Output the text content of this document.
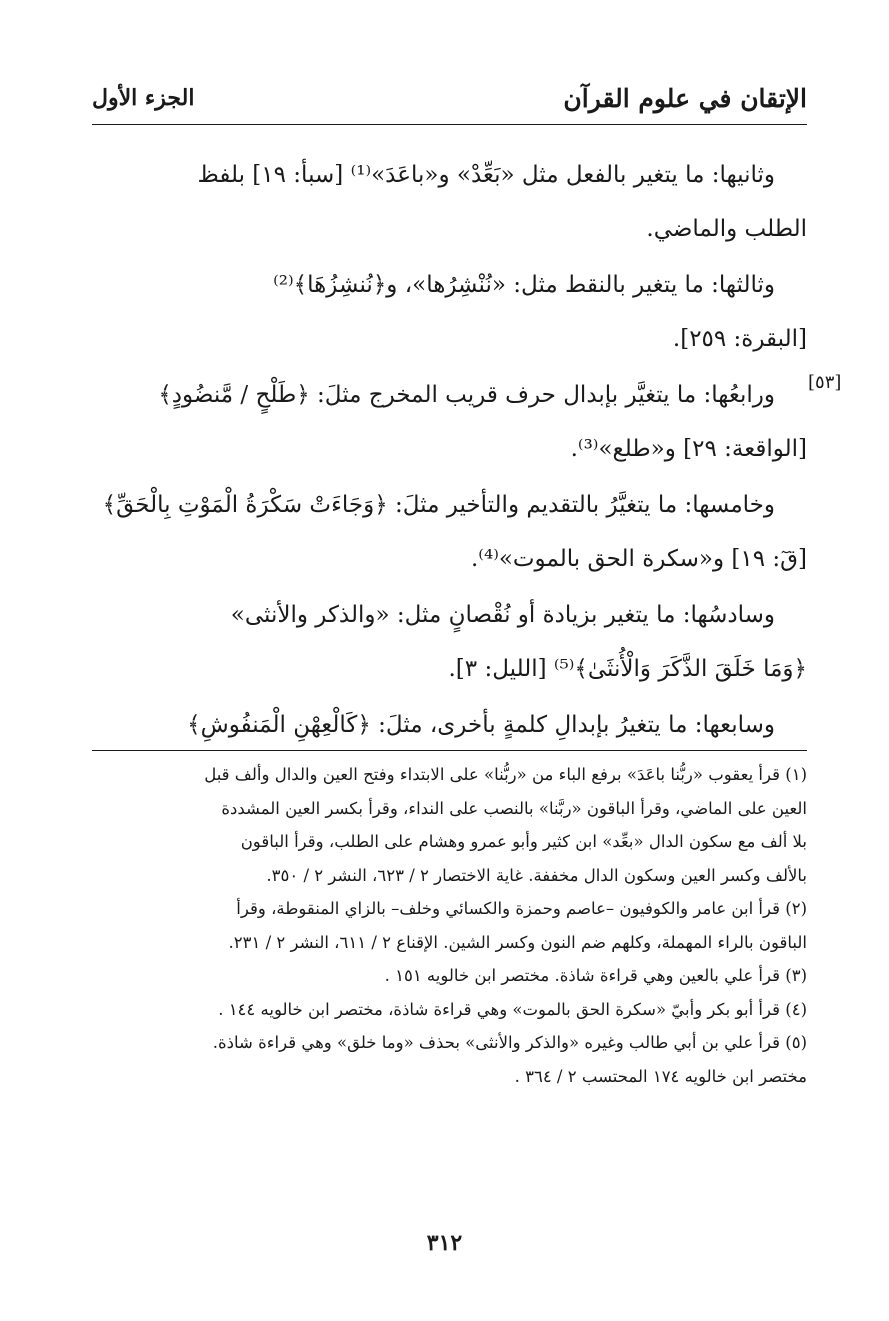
الإتقان في علوم القرآن
الجزء الأول
[٥٣]

وثانيها: ما يتغير بالفعل مثل «بَعِّدْ» و«باعَدَ»⁽¹⁾ [سبأ: ١٩] بلفظ
الطلب والماضي.

وثالثها: ما يتغير بالنقط مثل: «نُنْشِرُها»، و﴿نُنشِزُهَا﴾⁽²⁾
[البقرة: ٢٥٩].

ورابعُها: ما يتغيَّر بإبدال حرف قريب المخرج مثلَ: ﴿طَلْحٍ / مَّنضُودٍ﴾
[الواقعة: ٢٩] و«طلع»⁽³⁾.

وخامسها: ما يتغيَّرُ بالتقديم والتأخير مثلَ: ﴿وَجَاءَتْ سَكْرَةُ الْمَوْتِ بِالْحَقِّ﴾
[قٓ: ١٩] و«سكرة الحق بالموت»⁽⁴⁾.

وسادسُها: ما يتغير بزيادة أو نُقْصانٍ مثل: «والذكر والأنثى»
﴿وَمَا خَلَقَ الذَّكَرَ وَالْأُنثَىٰ﴾⁽⁵⁾ [الليل: ٣].

وسابعها: ما يتغيرُ بإبدالِ كلمةٍ بأخرى، مثلَ: ﴿كَالْعِهْنِ الْمَنفُوشِ﴾

(١) قرأ يعقوب «ربُّنا باعَدَ» برفع الباء من «ربُّنا» على الابتداء وفتح العين والدال وألف قبل
العين على الماضي، وقرأ الباقون «ربَّنا» بالنصب على النداء، وقرأ بكسر العين المشددة
بلا ألف مع سكون الدال «بعِّد» ابن كثير وأبو عمرو وهشام على الطلب، وقرأ الباقون
بالألف وكسر العين وسكون الدال مخففة. غاية الاختصار ٢ / ٦٢٣، النشر ٢ / ٣٥٠.

(٢) قرأ ابن عامر والكوفيون –عاصم وحمزة والكسائي وخلف– بالزاي المنقوطة، وقرأ
الباقون بالراء المهملة، وكلهم ضم النون وكسر الشين. الإقناع ٢ / ٦١١، النشر ٢ / ٢٣١.

(٣) قرأ علي بالعين وهي قراءة شاذة. مختصر ابن خالويه ١٥١ .

(٤) قرأ أبو بكر وأبيّ «سكرة الحق بالموت» وهي قراءة شاذة، مختصر ابن خالويه ١٤٤ .

(٥) قرأ علي بن أبي طالب وغيره «والذكر والأنثى» بحذف «وما خلق» وهي قراءة شاذة.
مختصر ابن خالويه ١٧٤ المحتسب ٢ / ٣٦٤ .

٣١٢
